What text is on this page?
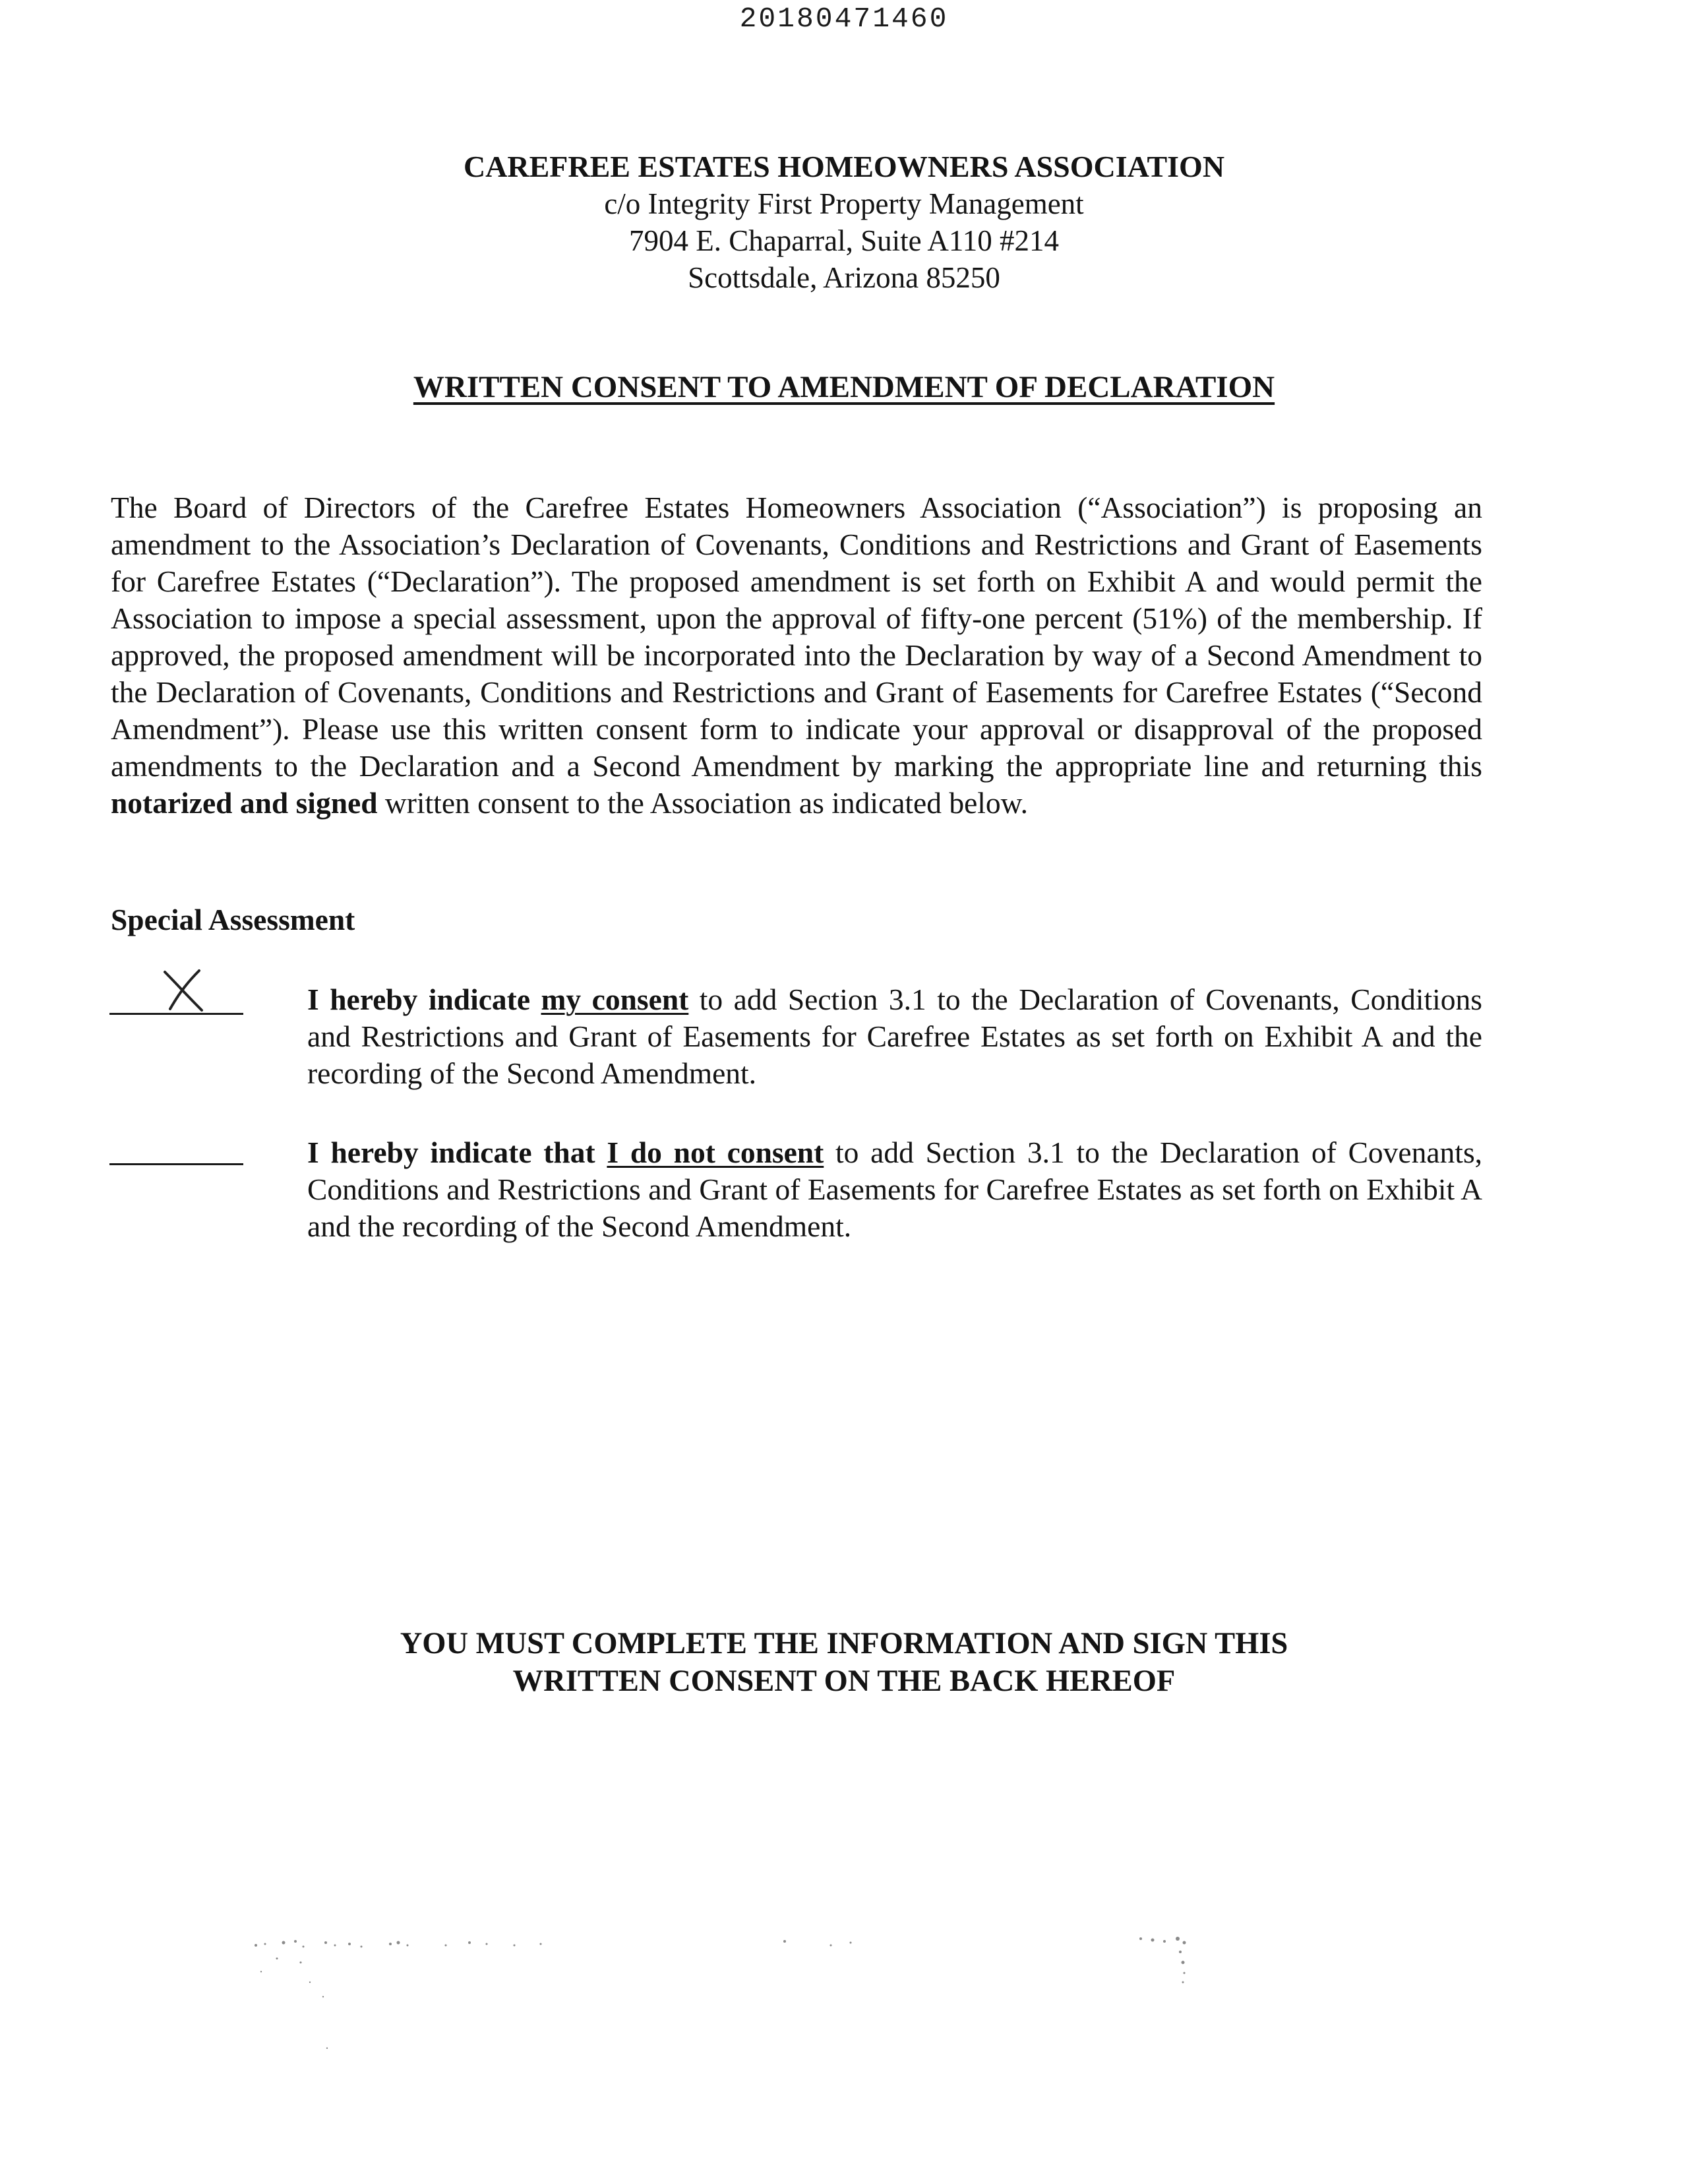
20180471460
CAREFREE ESTATES HOMEOWNERS ASSOCIATION
c/o Integrity First Property Management
7904 E. Chaparral, Suite A110 #214
Scottsdale, Arizona 85250
WRITTEN CONSENT TO AMENDMENT OF DECLARATION
The Board of Directors of the Carefree Estates Homeowners Association (“Association”) is proposing an amendment to the Association’s Declaration of Covenants, Conditions and Restrictions and Grant of Easements for Carefree Estates (“Declaration”). The proposed amendment is set forth on Exhibit A and would permit the Association to impose a special assessment, upon the approval of fifty-one percent (51%) of the membership. If approved, the proposed amendment will be incorporated into the Declaration by way of a Second Amendment to the Declaration of Covenants, Conditions and Restrictions and Grant of Easements for Carefree Estates (“Second Amendment”). Please use this written consent form to indicate your approval or disapproval of the proposed amendments to the Declaration and a Second Amendment by marking the appropriate line and returning this notarized and signed written consent to the Association as indicated below.
Special Assessment
I hereby indicate my consent to add Section 3.1 to the Declaration of Covenants, Conditions and Restrictions and Grant of Easements for Carefree Estates as set forth on Exhibit A and the recording of the Second Amendment.
I hereby indicate that I do not consent to add Section 3.1 to the Declaration of Covenants, Conditions and Restrictions and Grant of Easements for Carefree Estates as set forth on Exhibit A and the recording of the Second Amendment.
YOU MUST COMPLETE THE INFORMATION AND SIGN THIS
WRITTEN CONSENT ON THE BACK HEREOF
